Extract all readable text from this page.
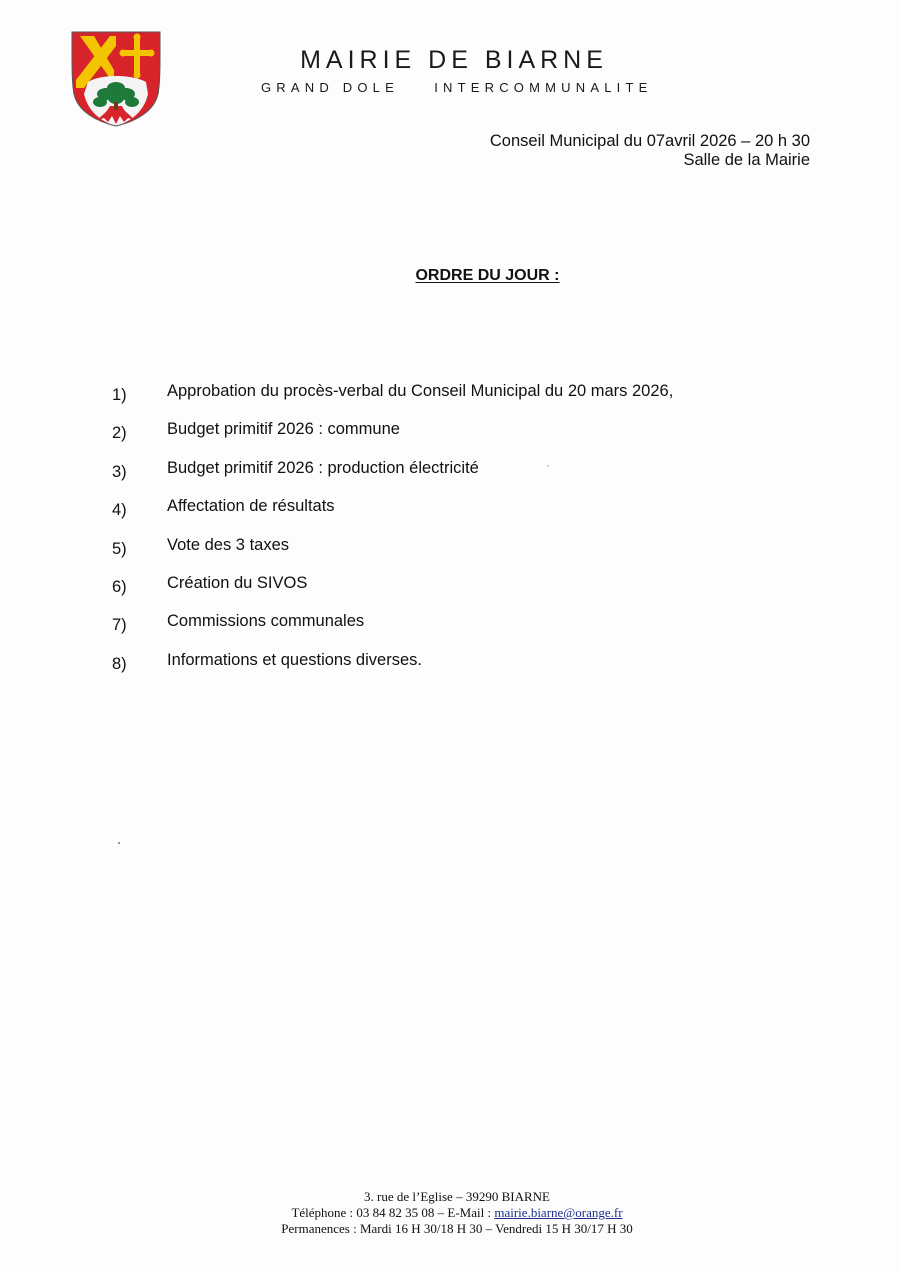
MAIRIE DE BIARNE
GRAND DOLE	INTERCOMMUNALITE
Conseil Municipal du 07avril 2026 – 20 h 30
Salle de la Mairie
ORDRE DU JOUR :
1)	Approbation du procès-verbal du Conseil Municipal du 20 mars 2026,
2)	Budget primitif 2026 : commune
3)	Budget primitif 2026 : production électricité
4)	Affectation de résultats
5)	Vote des 3 taxes
6)	Création du SIVOS
7)	Commissions communales
8)	Informations et questions diverses.
3. rue de l’Eglise – 39290 BIARNE
Téléphone : 03 84 82 35 08 – E-Mail : mairie.biarne@orange.fr
Permanences : Mardi 16 H 30/18 H 30 – Vendredi 15 H 30/17 H 30
